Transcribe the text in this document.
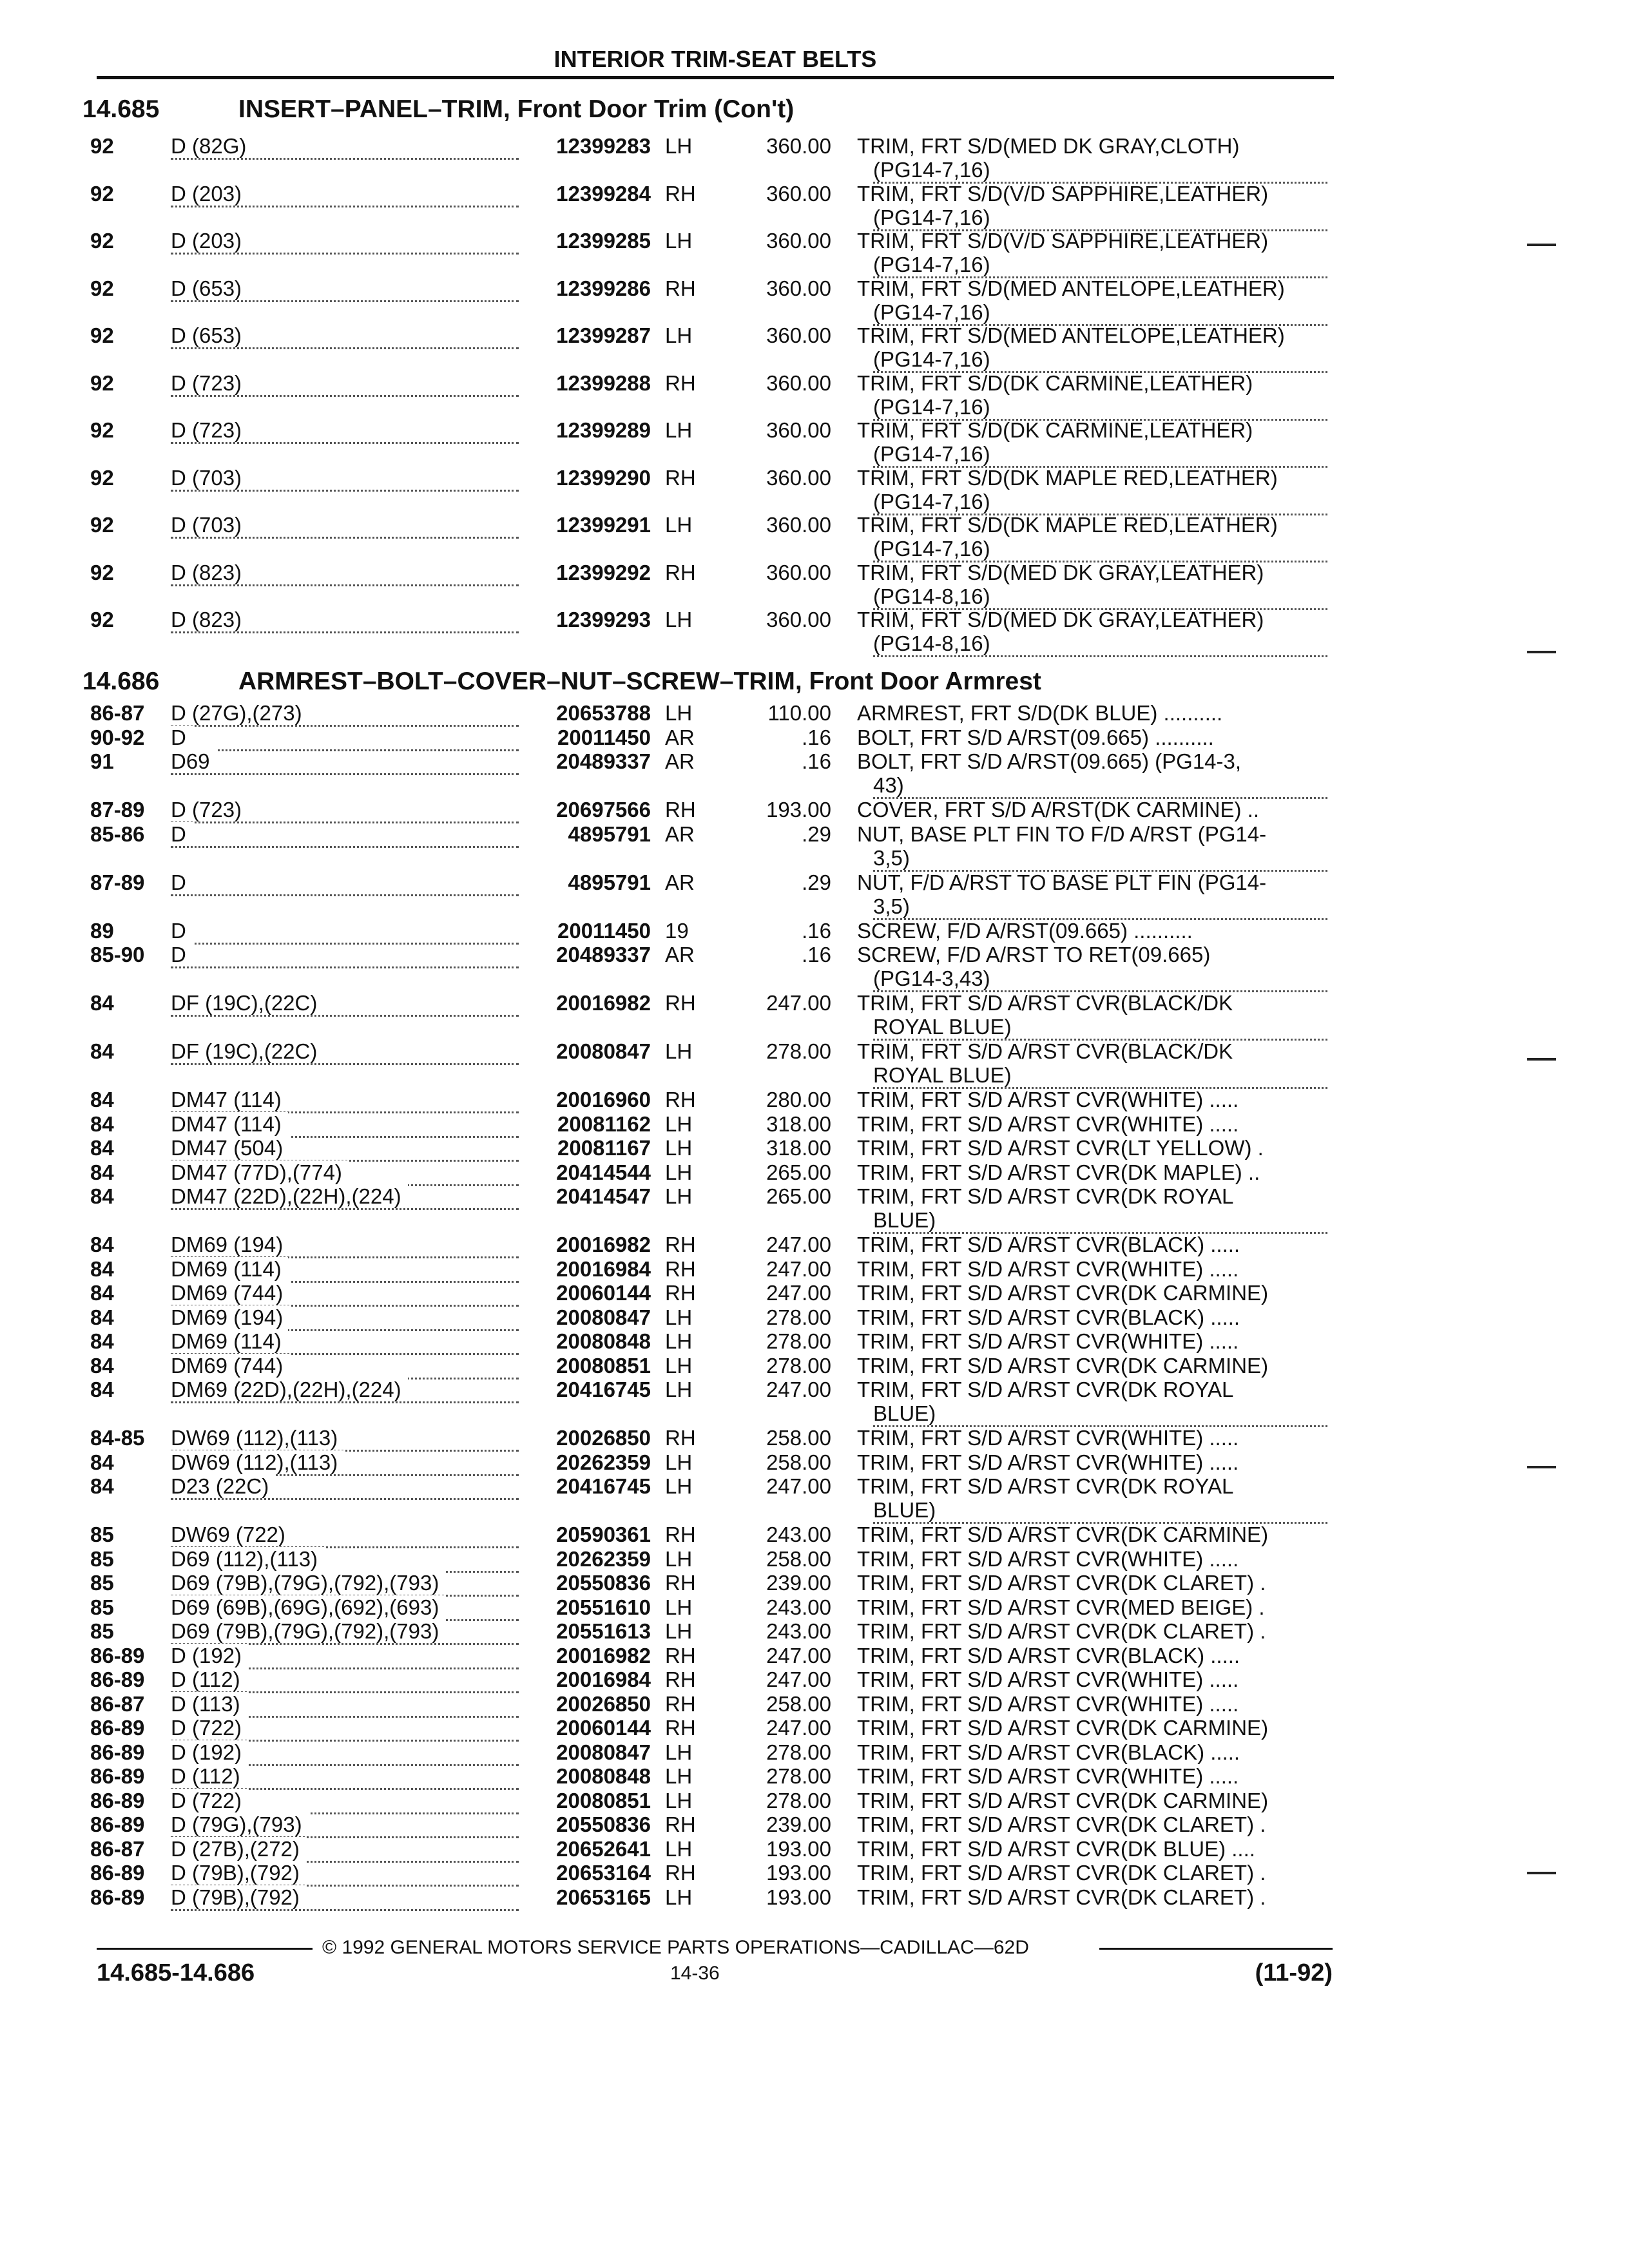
INTERIOR TRIM-SEAT BELTS
14.685	INSERT–PANEL–TRIM, Front Door Trim (Con't)
92	D (82G)	12399283 LH	360.00 TRIM, FRT S/D(MED DK GRAY,CLOTH)
(PG14-7,16)
92	D (203)	12399284 RH	360.00 TRIM, FRT S/D(V/D SAPPHIRE,LEATHER)
(PG14-7,16)
92	D (203)	12399285 LH	360.00 TRIM, FRT S/D(V/D SAPPHIRE,LEATHER)
(PG14-7,16)
92	D (653)	12399286 RH	360.00 TRIM, FRT S/D(MED ANTELOPE,LEATHER)
(PG14-7,16)
92	D (653)	12399287 LH	360.00 TRIM, FRT S/D(MED ANTELOPE,LEATHER)
(PG14-7,16)
92	D (723)	12399288 RH	360.00 TRIM, FRT S/D(DK CARMINE,LEATHER)
(PG14-7,16)
92	D (723)	12399289 LH	360.00 TRIM, FRT S/D(DK CARMINE,LEATHER)
(PG14-7,16)
92	D (703)	12399290 RH	360.00 TRIM, FRT S/D(DK MAPLE RED,LEATHER)
(PG14-7,16)
92	D (703)	12399291 LH	360.00 TRIM, FRT S/D(DK MAPLE RED,LEATHER)
(PG14-7,16)
92	D (823)	12399292 RH	360.00 TRIM, FRT S/D(MED DK GRAY,LEATHER)
(PG14-8,16)
92	D (823)	12399293 LH	360.00 TRIM, FRT S/D(MED DK GRAY,LEATHER)
(PG14-8,16)
14.686	ARMREST–BOLT–COVER–NUT–SCREW–TRIM, Front Door Armrest
86-87 D (27G),(273)	20653788 LH	110.00 ARMREST, FRT S/D(DK BLUE) ..........
90-92 D	20011450 AR	.16 BOLT, FRT S/D A/RST(09.665) ..........
91	D69	20489337 AR	.16 BOLT, FRT S/D A/RST(09.665) (PG14-3,
43)
87-89 D (723)	20697566 RH	193.00 COVER, FRT S/D A/RST(DK CARMINE) ..
85-86 D	4895791 AR	.29 NUT, BASE PLT FIN TO F/D A/RST (PG14-
3,5)
87-89 D	4895791 AR	.29 NUT, F/D A/RST TO BASE PLT FIN (PG14-
3,5)
89	D	20011450 19	.16 SCREW, F/D A/RST(09.665) ..........
85-90 D	20489337 AR	.16 SCREW, F/D A/RST TO RET(09.665)
(PG14-3,43)
84	DF (19C),(22C)	20016982 RH	247.00 TRIM, FRT S/D A/RST CVR(BLACK/DK
ROYAL BLUE)
84	DF (19C),(22C)	20080847 LH	278.00 TRIM, FRT S/D A/RST CVR(BLACK/DK
ROYAL BLUE)
84	DM47 (114)	20016960 RH	280.00 TRIM, FRT S/D A/RST CVR(WHITE) .....
84	DM47 (114)	20081162 LH	318.00 TRIM, FRT S/D A/RST CVR(WHITE) .....
84	DM47 (504)	20081167 LH	318.00 TRIM, FRT S/D A/RST CVR(LT YELLOW) .
84	DM47 (77D),(774)	20414544 LH	265.00 TRIM, FRT S/D A/RST CVR(DK MAPLE) ..
84	DM47 (22D),(22H),(224)	20414547 LH	265.00 TRIM, FRT S/D A/RST CVR(DK ROYAL
BLUE)
84	DM69 (194)	20016982 RH	247.00 TRIM, FRT S/D A/RST CVR(BLACK) .....
84	DM69 (114)	20016984 RH	247.00 TRIM, FRT S/D A/RST CVR(WHITE) .....
84	DM69 (744)	20060144 RH	247.00 TRIM, FRT S/D A/RST CVR(DK CARMINE)
84	DM69 (194)	20080847 LH	278.00 TRIM, FRT S/D A/RST CVR(BLACK) .....
84	DM69 (114)	20080848 LH	278.00 TRIM, FRT S/D A/RST CVR(WHITE) .....
84	DM69 (744)	20080851 LH	278.00 TRIM, FRT S/D A/RST CVR(DK CARMINE)
84	DM69 (22D),(22H),(224)	20416745 LH	247.00 TRIM, FRT S/D A/RST CVR(DK ROYAL
BLUE)
84-85 DW69 (112),(113)	20026850 RH	258.00 TRIM, FRT S/D A/RST CVR(WHITE) .....
84	DW69 (112),(113)	20262359 LH	258.00 TRIM, FRT S/D A/RST CVR(WHITE) .....
84	D23 (22C)	20416745 LH	247.00 TRIM, FRT S/D A/RST CVR(DK ROYAL
BLUE)
85	DW69 (722)	20590361 RH	243.00 TRIM, FRT S/D A/RST CVR(DK CARMINE)
85	D69 (112),(113)	20262359 LH	258.00 TRIM, FRT S/D A/RST CVR(WHITE) .....
85	D69 (79B),(79G),(792),(793)	20550836 RH	239.00 TRIM, FRT S/D A/RST CVR(DK CLARET) .
85	D69 (69B),(69G),(692),(693)	20551610 LH	243.00 TRIM, FRT S/D A/RST CVR(MED BEIGE) .
85	D69 (79B),(79G),(792),(793)	20551613 LH	243.00 TRIM, FRT S/D A/RST CVR(DK CLARET) .
86-89 D (192)	20016982 RH	247.00 TRIM, FRT S/D A/RST CVR(BLACK) .....
86-89 D (112)	20016984 RH	247.00 TRIM, FRT S/D A/RST CVR(WHITE) .....
86-87 D (113)	20026850 RH	258.00 TRIM, FRT S/D A/RST CVR(WHITE) .....
86-89 D (722)	20060144 RH	247.00 TRIM, FRT S/D A/RST CVR(DK CARMINE)
86-89 D (192)	20080847 LH	278.00 TRIM, FRT S/D A/RST CVR(BLACK) .....
86-89 D (112)	20080848 LH	278.00 TRIM, FRT S/D A/RST CVR(WHITE) .....
86-89 D (722)	20080851 LH	278.00 TRIM, FRT S/D A/RST CVR(DK CARMINE)
86-89 D (79G),(793)	20550836 RH	239.00 TRIM, FRT S/D A/RST CVR(DK CLARET) .
86-87 D (27B),(272)	20652641 LH	193.00 TRIM, FRT S/D A/RST CVR(DK BLUE) ....
86-89 D (79B),(792)	20653164 RH	193.00 TRIM, FRT S/D A/RST CVR(DK CLARET) .
86-89 D (79B),(792)	20653165 LH	193.00 TRIM, FRT S/D A/RST CVR(DK CLARET) .
© 1992 GENERAL MOTORS SERVICE PARTS OPERATIONS—CADILLAC—62D
14.685-14.686	14-36	(11-92)
